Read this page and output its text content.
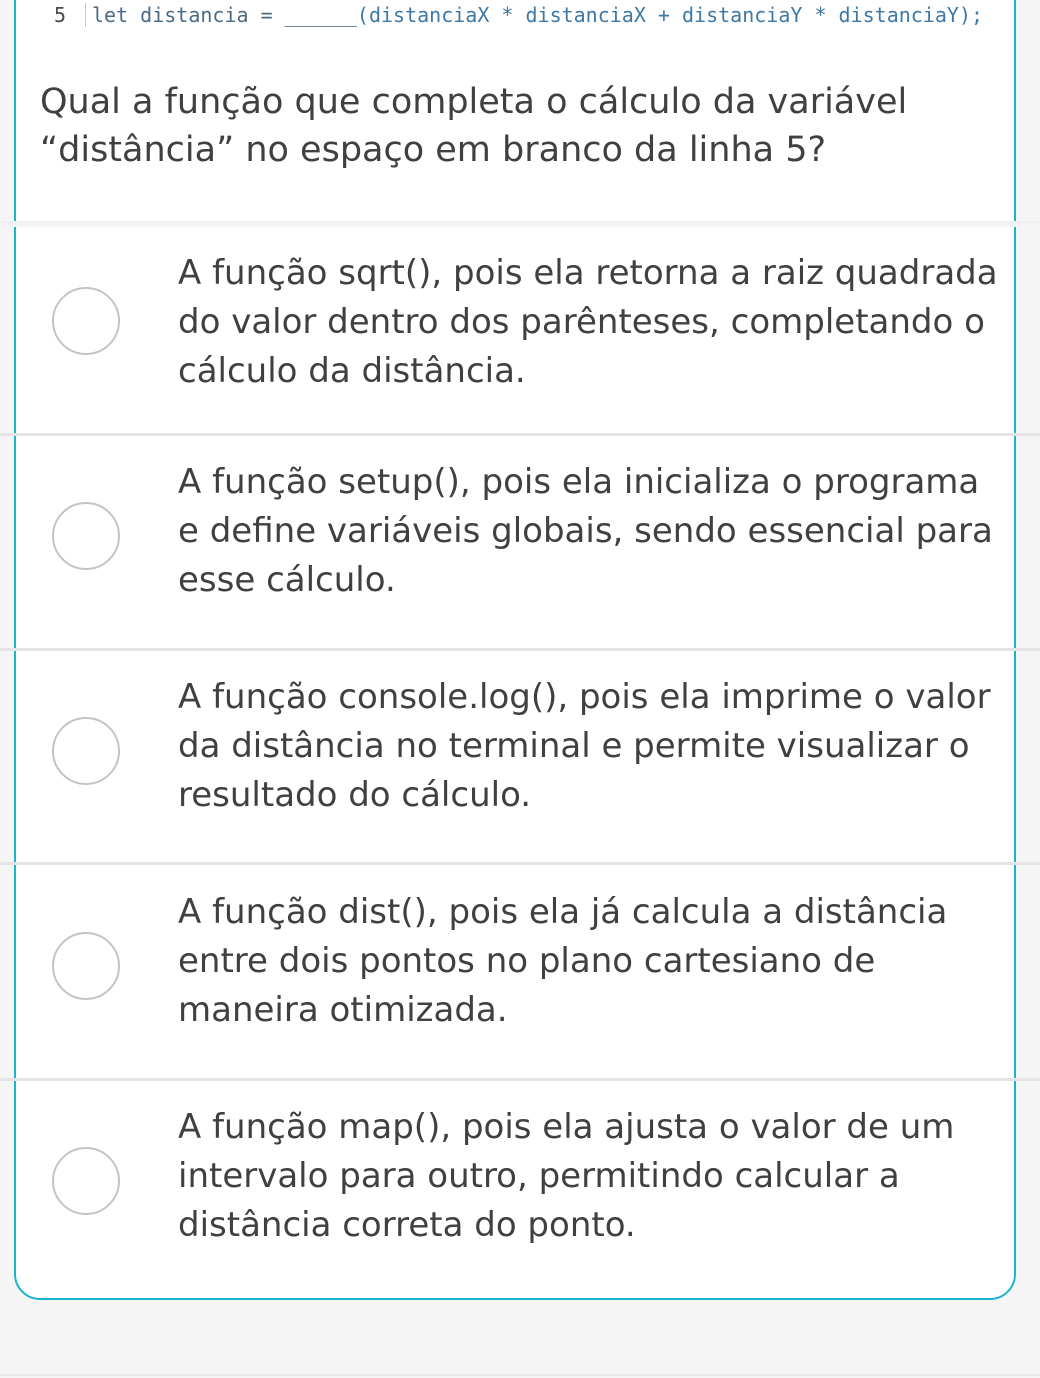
5 let distancia = ______(distanciaX * distanciaX + distanciaY * distanciaY);
Qual a função que completa o cálculo da variável “distância” no espaço em branco da linha 5?
A função sqrt(), pois ela retorna a raiz quadrada do valor dentro dos parênteses, completando o cálculo da distância.
A função setup(), pois ela inicializa o programa e define variáveis globais, sendo essencial para esse cálculo.
A função console.log(), pois ela imprime o valor da distância no terminal e permite visualizar o resultado do cálculo.
A função dist(), pois ela já calcula a distância entre dois pontos no plano cartesiano de maneira otimizada.
A função map(), pois ela ajusta o valor de um intervalo para outro, permitindo calcular a distância correta do ponto.
